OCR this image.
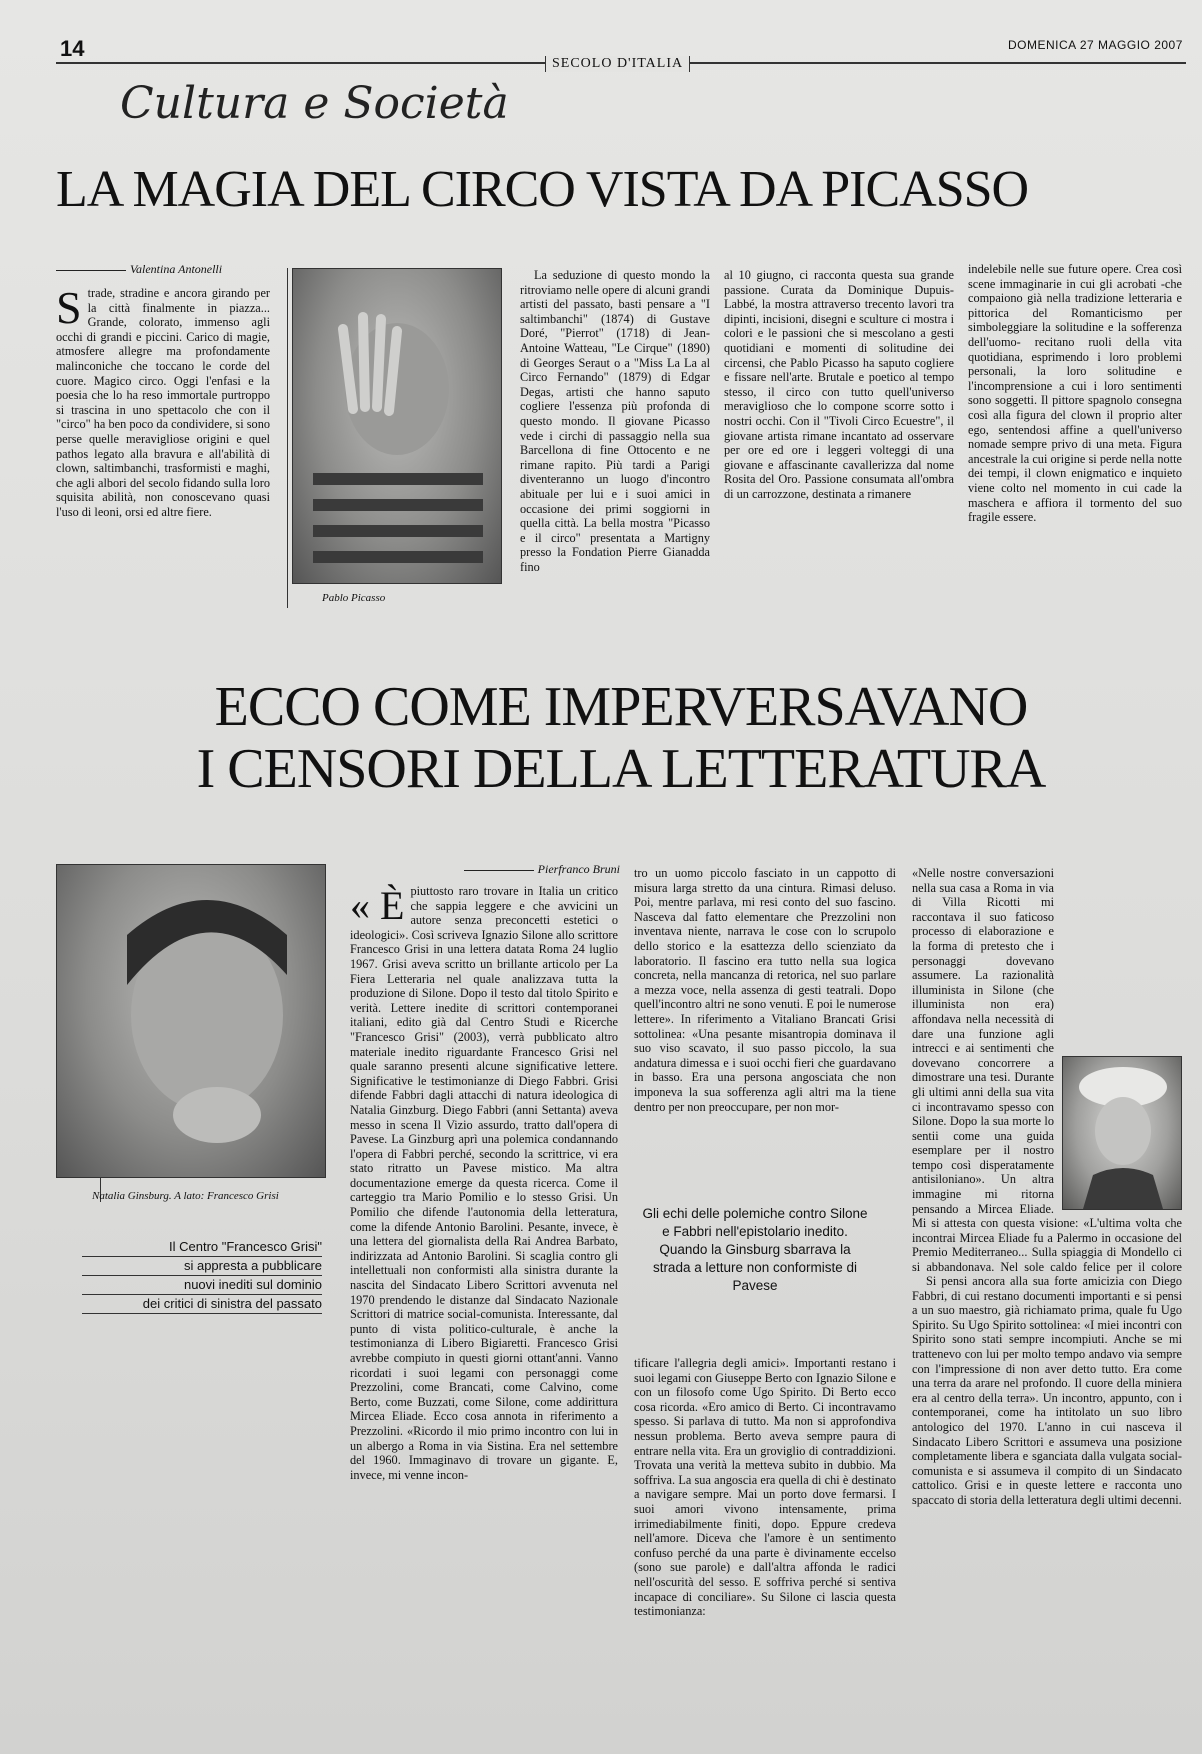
14
SECOLO D'ITALIA
DOMENICA 27 MAGGIO 2007
Cultura e Società
LA MAGIA DEL CIRCO VISTA DA PICASSO
Valentina Antonelli
S trade, stradine e ancora girando per la città finalmente in piazza... Grande, colorato, immenso agli occhi di grandi e piccini. Carico di magie, atmosfere allegre ma profondamente malinconiche che toccano le corde del cuore. Magico circo. Oggi l'enfasi e la poesia che lo ha reso immortale purtroppo si trascina in uno spettacolo che con il "circo" ha ben poco da condividere, si sono perse quelle meravigliose origini e quel pathos legato alla bravura e all'abilità di clown, saltimbanchi, trasformisti e maghi, che agli albori del secolo fidando sulla loro squisita abilità, non conoscevano quasi l'uso di leoni, orsi ed altre fiere.
Pablo Picasso

La seduzione di questo mondo la ritroviamo nelle opere di alcuni grandi artisti del passato, basti pensare a "I saltimbanchi" (1874) di Gustave Doré, "Pierrot" (1718) di Jean-Antoine Watteau, "Le Cirque" (1890) di Georges Seraut o a "Miss La La al Circo Fernando" (1879) di Edgar Degas, artisti che hanno saputo cogliere l'essenza più profonda di questo mondo. Il giovane Picasso vede i circhi di passaggio nella sua Barcellona di fine Ottocento e ne rimane rapito. Più tardi a Parigi diventeranno un luogo d'incontro abituale per lui e i suoi amici in occasione dei primi soggiorni in quella città. La bella mostra "Picasso e il circo" presentata a Martigny presso la Fondation Pierre Gianadda fino

al 10 giugno, ci racconta questa sua grande passione. Curata da Dominique Dupuis-Labbé, la mostra attraverso trecento lavori tra dipinti, incisioni, disegni e sculture ci mostra i colori e le passioni che si mescolano a gesti quotidiani e momenti di solitudine dei circensi, che Pablo Picasso ha saputo cogliere e fissare nell'arte. Brutale e poetico al tempo stesso, il circo con tutto quell'universo meraviglioso che lo compone scorre sotto i nostri occhi. Con il "Tivoli Circo Ecuestre", il giovane artista rimane incantato ad osservare per ore ed ore i leggeri volteggi di una giovane e affascinante cavallerizza dal nome Rosita del Oro. Passione consumata all'ombra di un carrozzone, destinata a rimanere

indelebile nelle sue future opere. Crea così scene immaginarie in cui gli acrobati -che compaiono già nella tradizione letteraria e pittorica del Romanticismo per simboleggiare la solitudine e la sofferenza dell'uomo- recitano ruoli della vita quotidiana, esprimendo i loro problemi personali, la loro solitudine e l'incomprensione a cui i loro sentimenti sono soggetti. Il pittore spagnolo consegna così alla figura del clown il proprio alter ego, sentendosi affine a quell'universo nomade sempre privo di una meta. Figura ancestrale la cui origine si perde nella notte dei tempi, il clown enigmatico e inquieto viene colto nel momento in cui cade la maschera e affiora il tormento del suo fragile essere.

ECCO COME IMPERVERSAVANO
I CENSORI DELLA LETTERATURA
Natalia Ginsburg. A lato: Francesco Grisi
Il Centro "Francesco Grisi"
si appresta a pubblicare
nuovi inediti sul dominio
dei critici di sinistra del passato
Pierfranco Bruni
« È piuttosto raro trovare in Italia un critico che sappia leggere e che avvicini un autore senza preconcetti estetici o ideologici». Così scriveva Ignazio Silone allo scrittore Francesco Grisi in una lettera datata Roma 24 luglio 1967. Grisi aveva scritto un brillante articolo per La Fiera Letteraria nel quale analizzava tutta la produzione di Silone. Dopo il testo dal titolo Spirito e verità. Lettere inedite di scrittori contemporanei italiani, edito già dal Centro Studi e Ricerche "Francesco Grisi" (2003), verrà pubblicato altro materiale inedito riguardante Francesco Grisi nel quale saranno presenti alcune significative lettere. Significative le testimonianze di Diego Fabbri. Grisi difende Fabbri dagli attacchi di natura ideologica di Natalia Ginzburg. Diego Fabbri (anni Settanta) aveva messo in scena Il Vizio assurdo, tratto dall'opera di Pavese. La Ginzburg aprì una polemica condannando l'opera di Fabbri perché, secondo la scrittrice, vi era stato ritratto un Pavese mistico. Ma altra documentazione emerge da questa ricerca. Come il carteggio tra Mario Pomilio e lo stesso Grisi. Un Pomilio che difende l'autonomia della letteratura, come la difende Antonio Barolini. Pesante, invece, è una lettera del giornalista della Rai Andrea Barbato, indirizzata ad Antonio Barolini. Si scaglia contro gli intellettuali non conformisti alla sinistra durante la nascita del Sindacato Libero Scrittori avvenuta nel 1970 prendendo le distanze dal Sindacato Nazionale Scrittori di matrice social-comunista. Interessante, dal punto di vista politico-culturale, è anche la testimonianza di Libero Bigiaretti. Francesco Grisi avrebbe compiuto in questi giorni ottant'anni. Vanno ricordati i suoi legami con personaggi come Prezzolini, come Brancati, come Calvino, come Berto, come Buzzati, come Silone, come addirittura Mircea Eliade. Ecco cosa annota in riferimento a Prezzolini. «Ricordo il mio primo incontro con lui in un albergo a Roma in via Sistina. Era nel settembre del 1960. Immaginavo di trovare un gigante. E, invece, mi venne incon-

tro un uomo piccolo fasciato in un cappotto di misura larga stretto da una cintura. Rimasi deluso. Poi, mentre parlava, mi resi conto del suo fascino. Nasceva dal fatto elementare che Prezzolini non inventava niente, narrava le cose con lo scrupolo dello storico e la esattezza dello scienziato da laboratorio. Il fascino era tutto nella sua logica concreta, nella mancanza di retorica, nel suo parlare a mezza voce, nella assenza di gesti teatrali. Dopo quell'incontro altri ne sono venuti. E poi le numerose lettere». In riferimento a Vitaliano Brancati Grisi sottolinea: «Una pesante misantropia dominava il suo viso scavato, il suo passo piccolo, la sua andatura dimessa e i suoi occhi fieri che guardavano in basso. Era una persona angosciata che non imponeva la sua sofferenza agli altri ma la tiene dentro per non preoccupare, per non mor-

Gli echi delle polemiche contro Silone e Fabbri nell'epistolario inedito. Quando la Ginsburg sbarrava la strada a letture non conformiste di Pavese

tificare l'allegria degli amici». Importanti restano i suoi legami con Giuseppe Berto con Ignazio Silone e con un filosofo come Ugo Spirito. Di Berto ecco cosa ricorda. «Ero amico di Berto. Ci incontravamo spesso. Si parlava di tutto. Ma non si approfondiva nessun problema. Berto aveva sempre paura di entrare nella vita. Era un groviglio di contraddizioni. Trovata una verità la metteva subito in dubbio. Ma soffriva. La sua angoscia era quella di chi è destinato a navigare sempre. Mai un porto dove fermarsi. I suoi amori vivono intensamente, prima irrimediabilmente finiti, dopo. Eppure credeva nell'amore. Diceva che l'amore è un sentimento confuso perché da una parte è divinamente eccelso (sono sue parole) e dall'altra affonda le radici nell'oscurità del sesso. E soffriva perché si sentiva incapace di conciliare». Su Silone ci lascia questa testimonianza:

«Nelle nostre conversazioni nella sua casa a Roma in via di Villa Ricotti mi raccontava il suo faticoso processo di elaborazione e la forma di pretesto che i personaggi dovevano assumere. La razionalità illuminista in Silone (che illuminista non era) affondava nella necessità di dare una funzione agli intrecci e ai sentimenti che dovevano concorrere a dimostrare una tesi. Durante gli ultimi anni della sua vita ci incontravamo spesso con Silone. Dopo la sua morte lo sentii come una guida esemplare per il nostro tempo così disperatamente antisiloniano». Un altra immagine mi ritorna pensando a Mircea Eliade. Mi si attesta con questa visione: «L'ultima volta che incontrai Mircea Eliade fu a Palermo in occasione del Premio Mediterraneo... Sulla spiaggia di Mondello ci si abbandonava. Nel sole caldo felice per il colore

Si pensi ancora alla sua forte amicizia con Diego Fabbri, di cui restano documenti importanti e si pensi a un suo maestro, già richiamato prima, quale fu Ugo Spirito. Su Ugo Spirito sottolinea: «I miei incontri con Spirito sono stati sempre incompiuti. Anche se mi trattenevo con lui per molto tempo andavo via sempre con l'impressione di non aver detto tutto. Era come una terra da arare nel profondo. Il cuore della miniera era al centro della terra». Un incontro, appunto, con i contemporanei, come ha intitolato un suo libro antologico del 1970. L'anno in cui nasceva il Sindacato Libero Scrittori e assumeva una posizione completamente libera e sganciata dalla vulgata social-comunista e si assumeva il compito di un Sindacato cattolico. Grisi e in queste lettere e racconta uno spaccato di storia della letteratura degli ultimi decenni.
